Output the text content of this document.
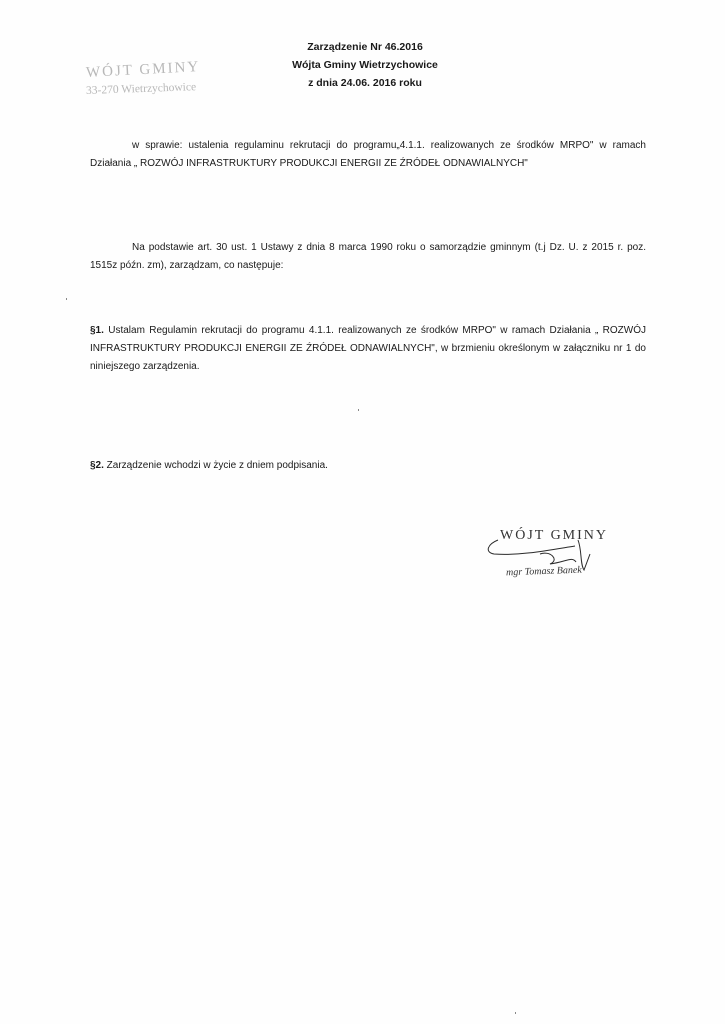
WÓJT GMINY
33-270 Wietrzychowice
Zarządzenie Nr 46.2016
Wójta Gminy Wietrzychowice
z dnia 24.06. 2016 roku
w sprawie: ustalenia regulaminu rekrutacji do programu„4.1.1. realizowanych ze środków MRPO" w ramach Działania „ ROZWÓJ INFRASTRUKTURY PRODUKCJI ENERGII ZE ŹRÓDEŁ ODNAWIALNYCH"
Na podstawie art. 30 ust. 1 Ustawy z dnia 8 marca 1990 roku o samorządzie gminnym (t.j Dz. U. z 2015 r. poz. 1515z późn. zm), zarządzam, co następuje:
§1. Ustalam Regulamin rekrutacji do programu 4.1.1. realizowanych ze środków MRPO" w ramach Działania „ ROZWÓJ INFRASTRUKTURY PRODUKCJI ENERGII ZE ŹRÓDEŁ ODNAWIALNYCH", w brzmieniu określonym w załączniku nr 1 do niniejszego zarządzenia.
§2. Zarządzenie wchodzi w życie z dniem podpisania.
WÓJT GMINY
mgr Tomasz Banek
